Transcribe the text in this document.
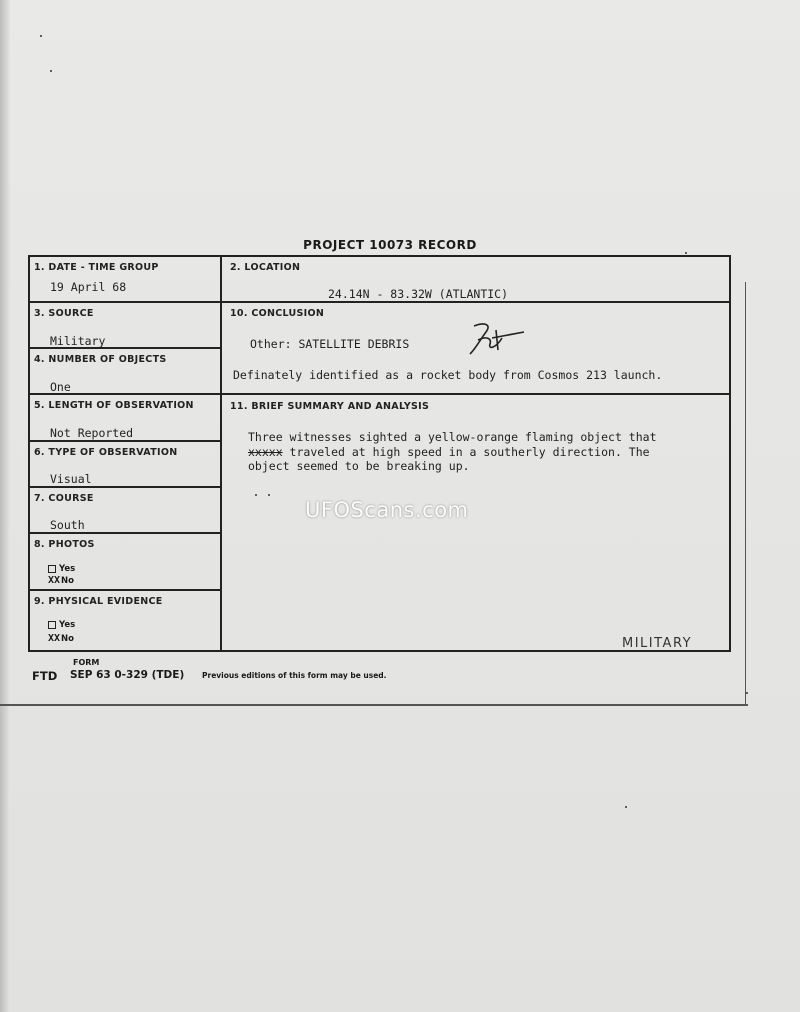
PROJECT 10073 RECORD
1. DATE - TIME GROUP
19 April 68
3. SOURCE
Military
4. NUMBER OF OBJECTS
One
5. LENGTH OF OBSERVATION
Not Reported
6. TYPE OF OBSERVATION
Visual
7. COURSE
South
8. PHOTOS
Yes
XXNo
9. PHYSICAL EVIDENCE
Yes
XXNo
2. LOCATION
24.14N - 83.32W (ATLANTIC)
10. CONCLUSION
Other: SATELLITE DEBRIS
Definately identified as a rocket body from Cosmos 213 launch.
11. BRIEF SUMMARY AND ANALYSIS
Three witnesses sighted a yellow-orange flaming object that
xxxxx traveled at high speed in a southerly direction. The
object seemed to be breaking up.
UFOScans.com
MILITARY
FORM
FTD SEP 63 0-329 (TDE) Previous editions of this form may be used.
